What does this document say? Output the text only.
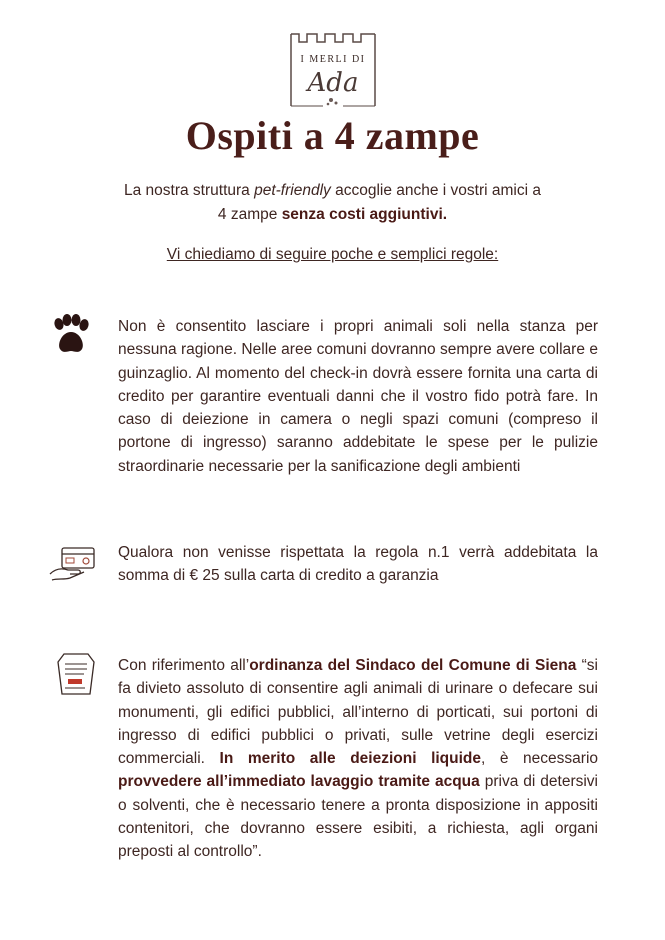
I MERLI DI
Ada
Ospiti a 4 zampe
La nostra struttura pet-friendly accoglie anche i vostri amici a
4 zampe senza costi aggiuntivi.
Vi chiediamo di seguire poche e semplici regole:
Non è consentito lasciare i propri animali soli nella stanza per nessuna ragione. Nelle aree comuni dovranno sempre avere collare e guinzaglio. Al momento del check-in dovrà essere fornita una carta di credito per garantire eventuali danni che il vostro fido potrà fare. In caso di deiezione in camera o negli spazi comuni (compreso il portone di ingresso) saranno addebitate le spese per le pulizie straordinarie necessarie per la sanificazione degli ambienti
Qualora non venisse rispettata la regola n.1 verrà addebitata la somma di € 25 sulla carta di credito a garanzia
Con riferimento all’ordinanza del Sindaco del Comune di Siena “si fa divieto assoluto di consentire agli animali di urinare o defecare sui monumenti, gli edifici pubblici, all’interno di porticati, sui portoni di ingresso di edifici pubblici o privati, sulle vetrine degli esercizi commerciali. In merito alle deiezioni liquide, è necessario provvedere all’immediato lavaggio tramite acqua priva di detersivi o solventi, che è necessario tenere a pronta disposizione in appositi contenitori, che dovranno essere esibiti, a richiesta, agli organi preposti al controllo”.
